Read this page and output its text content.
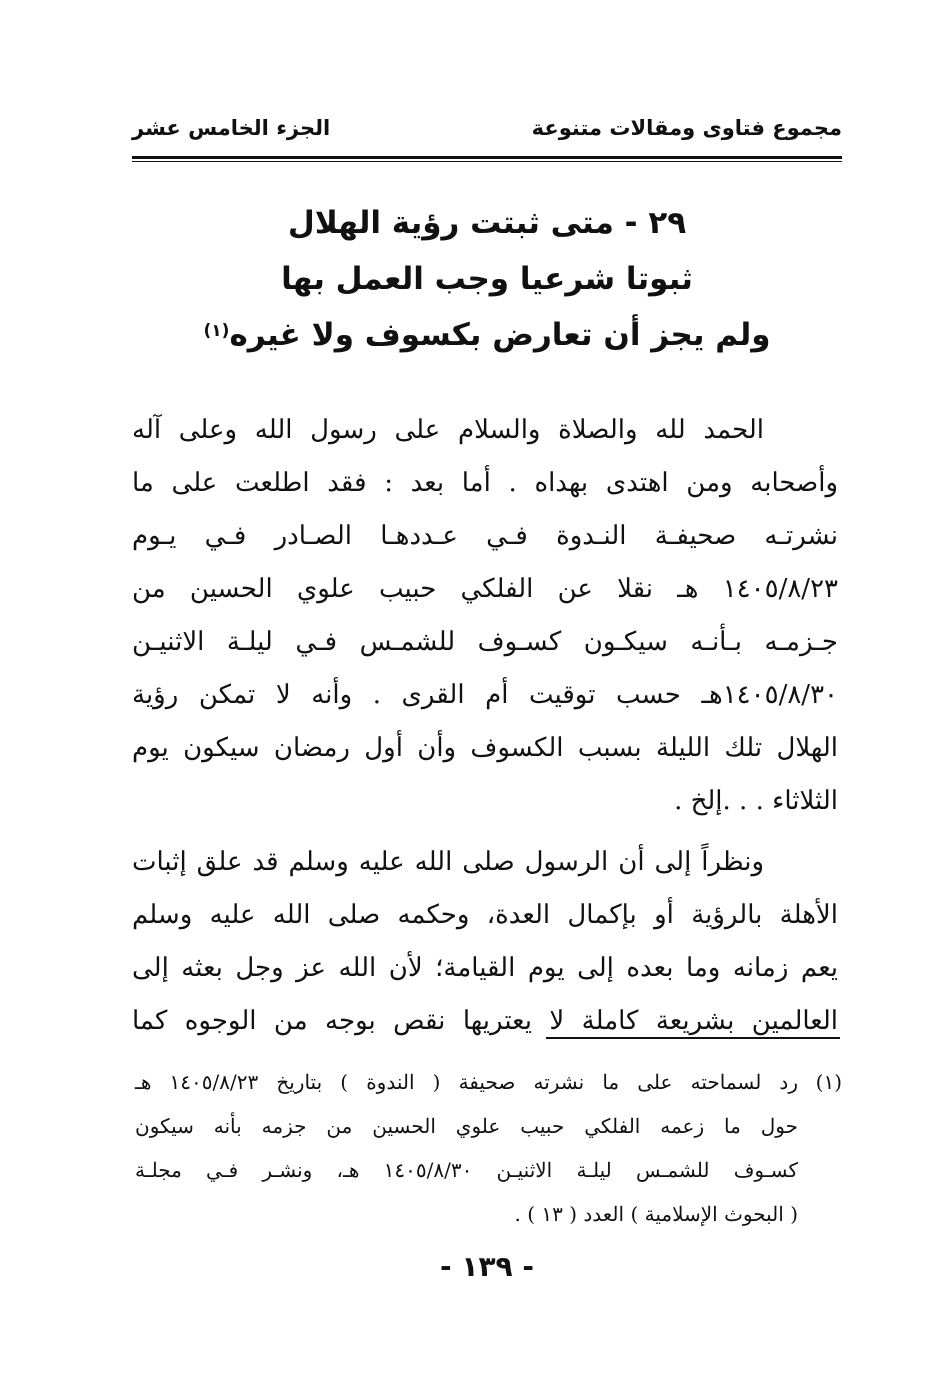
مجموع فتاوى ومقالات متنوعة
الجزء الخامس عشر
٢٩ - متى ثبتت رؤية الهلال
ثبوتا شرعيا وجب العمل بها
ولم يجز أن تعارض بكسوف ولا غيره$^{(١)}$
الحمد لله والصلاة والسلام على رسول الله وعلى آله
وأصحابه ومن اهتدى بهداه . أما بعد : فقد اطلعت على ما
نشرتـه صحيفـة النـدوة فـي عـددهـا الصـادر فـي يـوم
١٤٠٥/٨/٢٣ هـ نقلا عن الفلكي حبيب علوي الحسين من
جـزمـه بـأنـه سيكـون كسـوف للشمـس فـي ليلـة الاثنيـن
١٤٠٥/٨/٣٠هـ حسب توقيت أم القرى . وأنه لا تمكن رؤية
الهلال تلك الليلة بسبب الكسوف وأن أول رمضان سيكون يوم
الثلاثاء . . .إلخ .
ونظراً إلى أن الرسول صلى الله عليه وسلم قد علق إثبات
الأهلة بالرؤية أو بإكمال العدة، وحكمه صلى الله عليه وسلم
يعم زمانه وما بعده إلى يوم القيامة؛ لأن الله عز وجل بعثه إلى
العالمين بشريعة كاملة لا يعتريها نقص بوجه من الوجوه كما
(١)
رد لسماحته على ما نشرته صحيفة ( الندوة ) بتاريخ ١٤٠٥/٨/٢٣ هـ
حول ما زعمه الفلكي حبيب علوي الحسين من جزمه بأنه سيكون
كسـوف للشمـس ليلـة الاثنيـن ١٤٠٥/٨/٣٠ هـ، ونشـر فـي مجلـة
( البحوث الإسلامية ) العدد ( ١٣ ) .
- ١٣٩ -
